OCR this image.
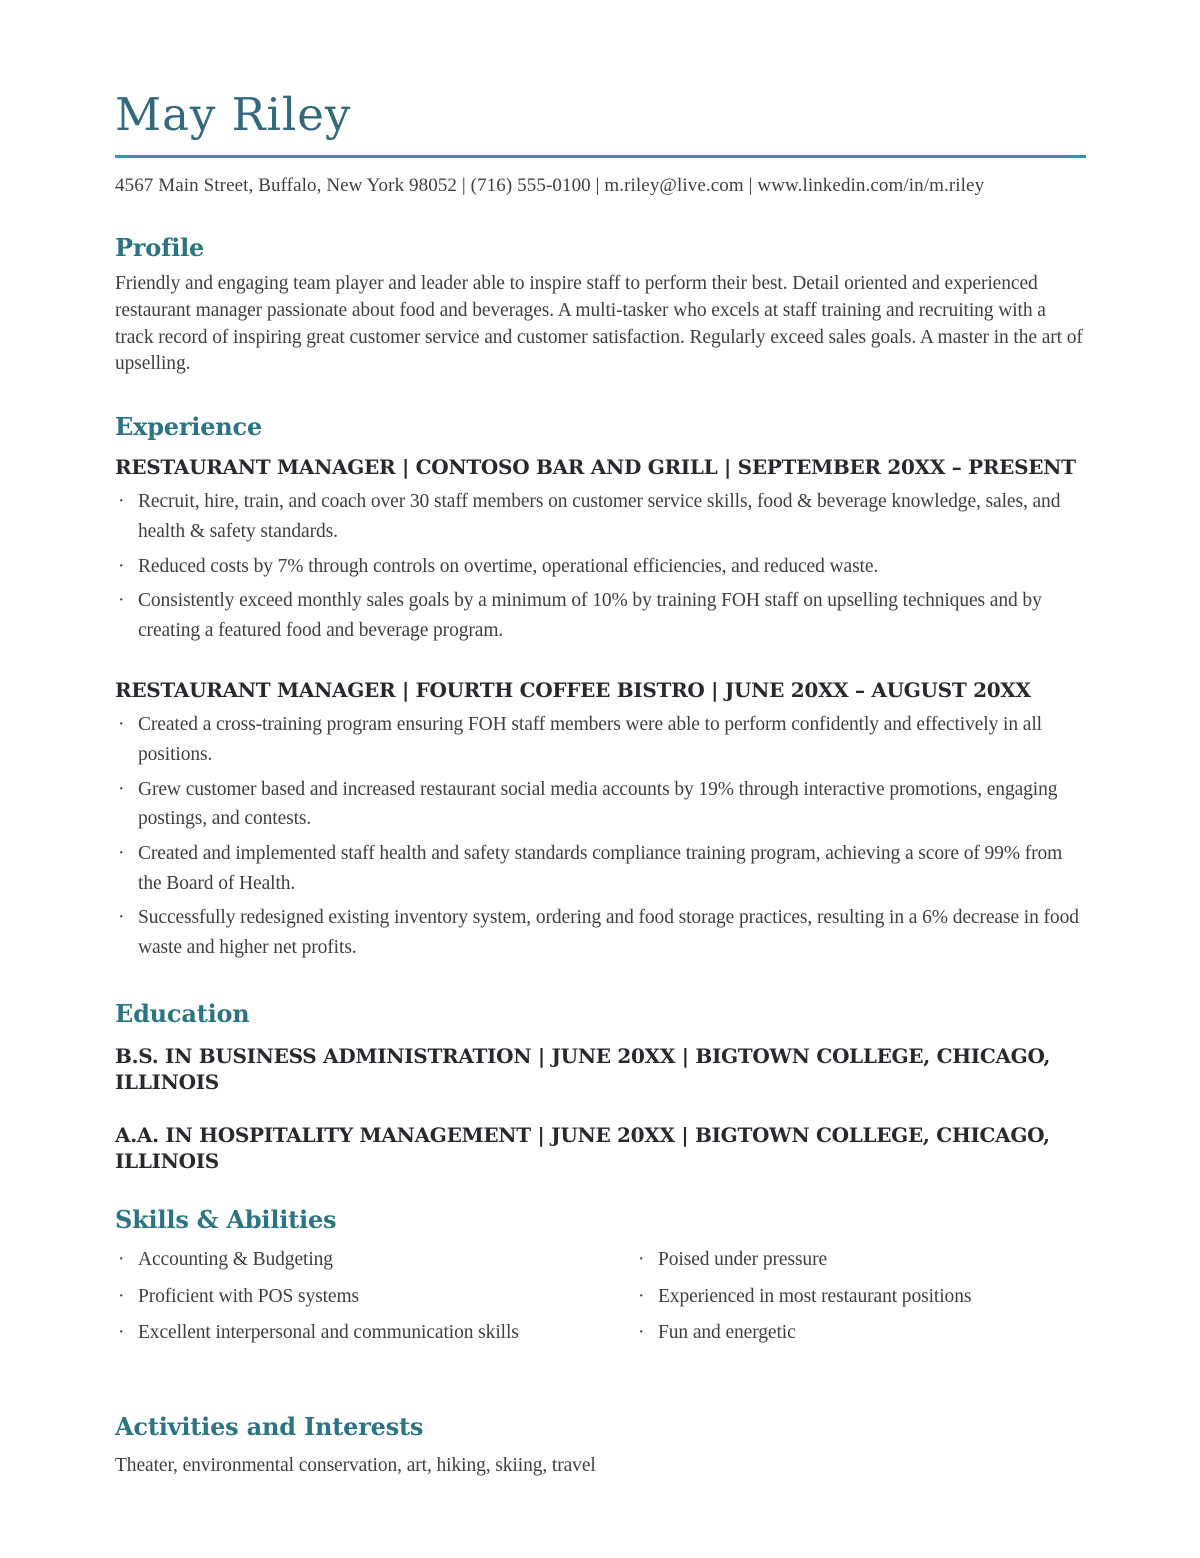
May Riley

4567 Main Street, Buffalo, New York 98052 | (716) 555-0100 | m.riley@live.com | www.linkedin.com/in/m.riley

Profile

Friendly and engaging team player and leader able to inspire staff to perform their best. Detail oriented and experienced restaurant manager passionate about food and beverages. A multi-tasker who excels at staff training and recruiting with a track record of inspiring great customer service and customer satisfaction. Regularly exceed sales goals. A master in the art of upselling.

Experience
RESTAURANT MANAGER | CONTOSO BAR AND GRILL | SEPTEMBER 20XX – PRESENT
· Recruit, hire, train, and coach over 30 staff members on customer service skills, food & beverage knowledge, sales, and health & safety standards.
· Reduced costs by 7% through controls on overtime, operational efficiencies, and reduced waste.
· Consistently exceed monthly sales goals by a minimum of 10% by training FOH staff on upselling techniques and by creating a featured food and beverage program.
RESTAURANT MANAGER | FOURTH COFFEE BISTRO | JUNE 20XX – AUGUST 20XX
· Created a cross-training program ensuring FOH staff members were able to perform confidently and effectively in all positions.
· Grew customer based and increased restaurant social media accounts by 19% through interactive promotions, engaging postings, and contests.
· Created and implemented staff health and safety standards compliance training program, achieving a score of 99% from the Board of Health.
· Successfully redesigned existing inventory system, ordering and food storage practices, resulting in a 6% decrease in food waste and higher net profits.
Education
B.S. IN BUSINESS ADMINISTRATION | JUNE 20XX | BIGTOWN COLLEGE, CHICAGO, ILLINOIS
A.A. IN HOSPITALITY MANAGEMENT | JUNE 20XX | BIGTOWN COLLEGE, CHICAGO, ILLINOIS
Skills & Abilities
· Accounting & Budgeting
· Proficient with POS systems
· Excellent interpersonal and communication skills
· Poised under pressure
· Experienced in most restaurant positions
· Fun and energetic
Activities and Interests

Theater, environmental conservation, art, hiking, skiing, travel
